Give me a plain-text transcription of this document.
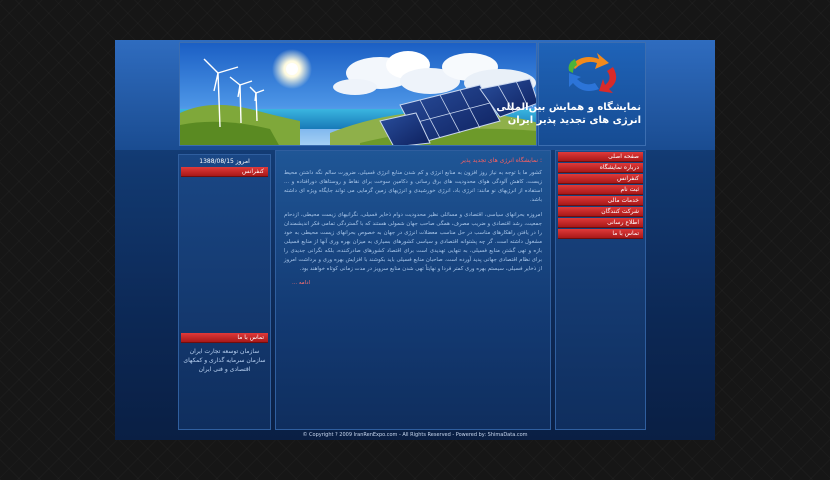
نمایشگاه و همایش بین‌المللی
انرژی های تجدید پذیر ایران
امروز 1388/08/15
کنفرانس
تماس با ما
سازمان توسعه تجارت ایران
سازمان سرمایه گذاری و کمکهای
اقتصادی و فنی ایران
: نمایشگاه انرژی های تجدید پذیر

کشور ما با توجه به نیاز روز افزون به منابع انرژی و کم شدن منابع انرژی فسیلی، ضرورت سالم نگه داشتن محیط زیست، کاهش آلودگی هوای محدودیت های برق رسانی و دکامین سوخت برای نقاط و روستاهای دورافتاده و ... استفاده از انرژیهای نو مانند: انرژی باد، انرژی خورشیدی و انرژیهای زمین گرمایی می تواند جایگاه ویژه ای داشته باشد.

امروزه بحرانهای سیاسی، اقتصادی و مسائلی نظیر محدودیت دوام ذخایر فسیلی، نگرانیهای زیست محیطی، ازدحام جمعیت، رشد اقتصادی و ضریب مصرف، همگی صاحب جهان شمولی هستند که با گستردگی تمامی فکر اندیشمندان را در یافتن راهکارهای مناسب در حل مناسب معضلات انرژی در جهان به خصوص بحرانهای زیست محیطی به خود مشغول داشته است. گر چه پشتوانه اقتصادی و سیاسی کشورهای بسیاری به میزان بهره وری آنها از منابع فسیلی بازه و تهی گشتن منابع فسیلی، به تنهایی تهدیدی است برای اقتصاد کشورهای صادرکننده، بلکه نگرانی جدیدی را برای نظام اقتصادی جهانی پدید آورده است. صاحبان منابع فسیلی باید بکوشند با افزایش بهره وری و برداشت امروز از ذخایر فسیلی، سیستم بهره وری کمتر فردا و نهایتاً تهی شدن منابع سرویز در مدت زمانی کوتاه خواهند بود.

ادامه ...
صفحه اصلی
درباره نمایشگاه
کنفرانس
ثبت نام
خدمات مالی
شرکت کنندگان
اطلاع رسانی
تماس با ما
© Copyright ? 2009 IranRenExpo.com - All Rights Reserved - Powered by: ShimaData.com
